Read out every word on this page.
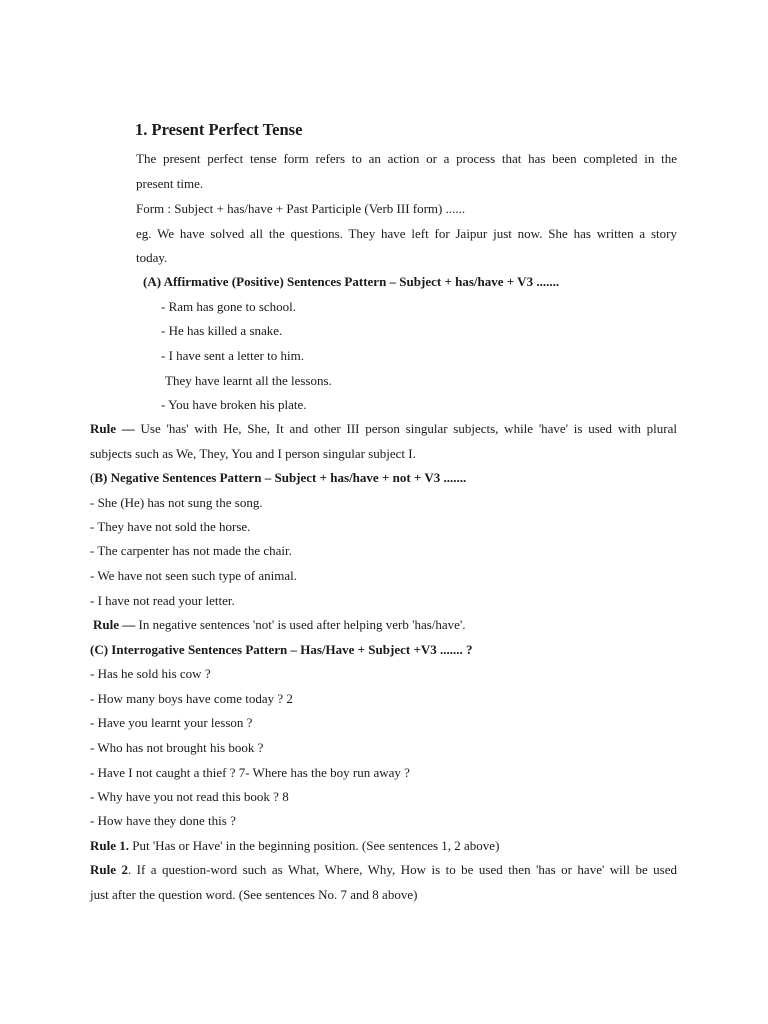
1. Present Perfect Tense
The present perfect tense form refers to an action or a process that has been completed in the
present time.
Form : Subject + has/have + Past Participle (Verb III form) ......
eg. We have solved all the questions. They have left for Jaipur just now. She has written a story
today.
(A) Affirmative (Positive) Sentences Pattern – Subject + has/have + V3 .......
- Ram has gone to school.
- He has killed a snake.
- I have sent a letter to him.
They have learnt all the lessons.
- You have broken his plate.
Rule — Use 'has' with He, She, It and other III person singular subjects, while 'have' is used with plural
subjects such as We, They, You and I person singular subject I.
(B) Negative Sentences Pattern – Subject + has/have + not + V3 .......
- She (He) has not sung the song.
- They have not sold the horse.
- The carpenter has not made the chair.
- We have not seen such type of animal.
- I have not read your letter.
Rule — In negative sentences 'not' is used after helping verb 'has/have'.
(C) Interrogative Sentences Pattern – Has/Have + Subject +V3 ....... ?
- Has he sold his cow ?
- How many boys have come today ? 2
- Have you learnt your lesson ?
- Who has not brought his book ?
- Have I not caught a thief ? 7- Where has the boy run away ?
- Why have you not read this book ? 8
- How have they done this ?
Rule 1. Put 'Has or Have' in the beginning position. (See sentences 1, 2 above)
Rule 2. If a question-word such as What, Where, Why, How is to be used then 'has or have' will be used
just after the question word. (See sentences No. 7 and 8 above)
